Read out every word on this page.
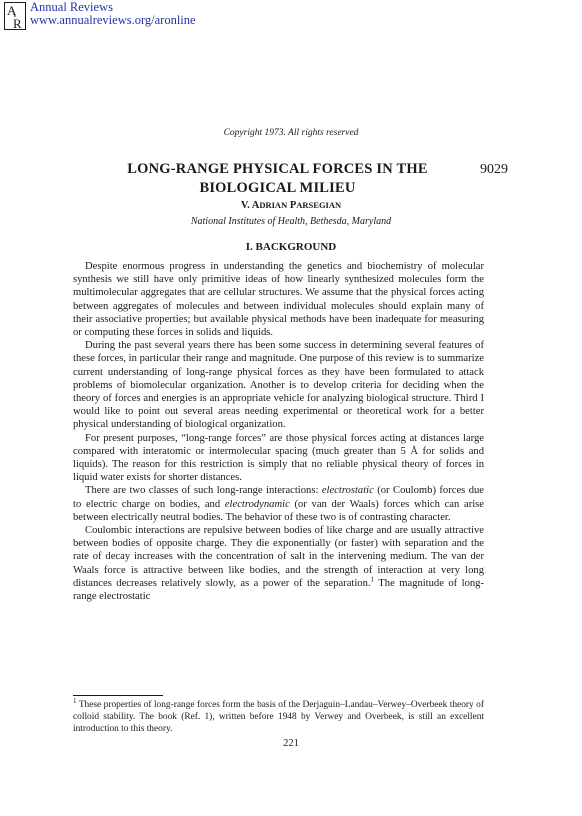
A
R
Annual Reviews
www.annualreviews.org/aronline
Copyright 1973. All rights reserved
LONG-RANGE PHYSICAL FORCES IN THE BIOLOGICAL MILIEU
9029
V. ADRIAN PARSEGIAN
National Institutes of Health, Bethesda, Maryland
I. BACKGROUND

Despite enormous progress in understanding the genetics and biochemistry of molecular synthesis we still have only primitive ideas of how linearly synthesized molecules form the multimolecular aggregates that are cellular structures. We assume that the physical forces acting between aggregates of molecules and between individual molecules should explain many of their associative properties; but available physical methods have been inadequate for measuring or computing these forces in solids and liquids.

During the past several years there has been some success in determining several features of these forces, in particular their range and magnitude. One purpose of this review is to summarize current understanding of long-range physical forces as they have been formulated to attack problems of biomolecular organization. Another is to develop criteria for deciding when the theory of forces and energies is an appropriate vehicle for analyzing biological structure. Third I would like to point out several areas needing experimental or theoretical work for a better physical understanding of biological organization.

For present purposes, “long-range forces” are those physical forces acting at distances large compared with interatomic or intermolecular spacing (much greater than 5 Å for solids and liquids). The reason for this restriction is simply that no reliable physical theory of forces in liquid water exists for shorter distances.

There are two classes of such long-range interactions: electrostatic (or Coulomb) forces due to electric charge on bodies, and electrodynamic (or van der Waals) forces which can arise between electrically neutral bodies. The behavior of these two is of contrasting character.

Coulombic interactions are repulsive between bodies of like charge and are usually attractive between bodies of opposite charge. They die exponentially (or faster) with separation and the rate of decay increases with the concentration of salt in the intervening medium. The van der Waals force is attractive between like bodies, and the strength of interaction at very long distances decreases relatively slowly, as a power of the separation.$^1$ The magnitude of long-range electrostatic

$^1$ These properties of long-range forces form the basis of the Derjaguin–Landau–Verwey–Overbeek theory of colloid stability. The book (Ref. 1), written before 1948 by Verwey and Overbeek, is still an excellent introduction to this theory.
221
